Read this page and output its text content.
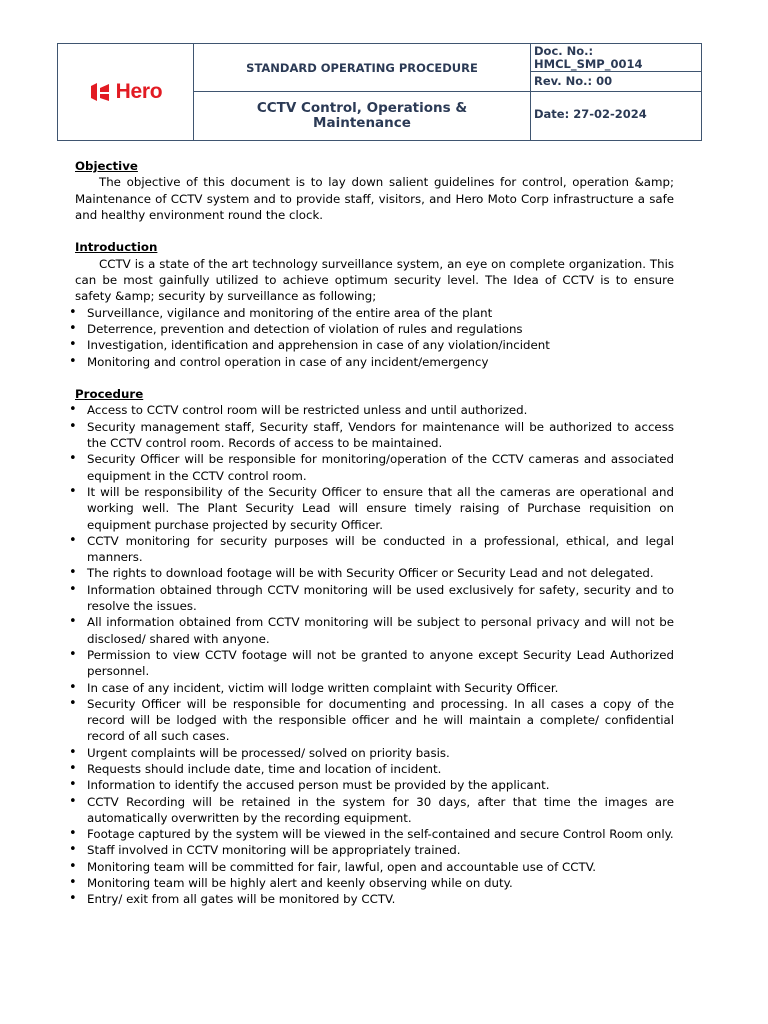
Hero
STANDARD OPERATING PROCEDURE
CCTV Control, Operations & Maintenance
Doc. No.:
HMCL_SMP_0014
Rev. No.: 00
Date: 27-02-2024

Objective

The objective of this document is to lay down salient guidelines for control, operation &amp; Maintenance of CCTV system and to provide staff, visitors, and Hero Moto Corp infrastructure a safe and healthy environment round the clock.

Introduction

CCTV is a state of the art technology surveillance system, an eye on complete organization. This can be most gainfully utilized to achieve optimum security level. The Idea of CCTV is to ensure safety &amp; security by surveillance as following;

• Surveillance, vigilance and monitoring of the entire area of the plant
• Deterrence, prevention and detection of violation of rules and regulations
• Investigation, identification and apprehension in case of any violation/incident
• Monitoring and control operation in case of any incident/emergency

Procedure

• Access to CCTV control room will be restricted unless and until authorized.
• Security management staff, Security staff, Vendors for maintenance will be authorized to access the CCTV control room. Records of access to be maintained.
• Security Officer will be responsible for monitoring/operation of the CCTV cameras and associated equipment in the CCTV control room.
• It will be responsibility of the Security Officer to ensure that all the cameras are operational and working well. The Plant Security Lead will ensure timely raising of Purchase requisition on equipment purchase projected by security Officer.
• CCTV monitoring for security purposes will be conducted in a professional, ethical, and legal manners.
• The rights to download footage will be with Security Officer or Security Lead and not delegated.
• Information obtained through CCTV monitoring will be used exclusively for safety, security and to resolve the issues.
• All information obtained from CCTV monitoring will be subject to personal privacy and will not be disclosed/ shared with anyone.
• Permission to view CCTV footage will not be granted to anyone except Security Lead Authorized personnel.
• In case of any incident, victim will lodge written complaint with Security Officer.
• Security Officer will be responsible for documenting and processing. In all cases a copy of the record will be lodged with the responsible officer and he will maintain a complete/ confidential record of all such cases.
• Urgent complaints will be processed/ solved on priority basis.
• Requests should include date, time and location of incident.
• Information to identify the accused person must be provided by the applicant.
• CCTV Recording will be retained in the system for 30 days, after that time the images are automatically overwritten by the recording equipment.
• Footage captured by the system will be viewed in the self-contained and secure Control Room only.
• Staff involved in CCTV monitoring will be appropriately trained.
• Monitoring team will be committed for fair, lawful, open and accountable use of CCTV.
• Monitoring team will be highly alert and keenly observing while on duty.
• Entry/ exit from all gates will be monitored by CCTV.
